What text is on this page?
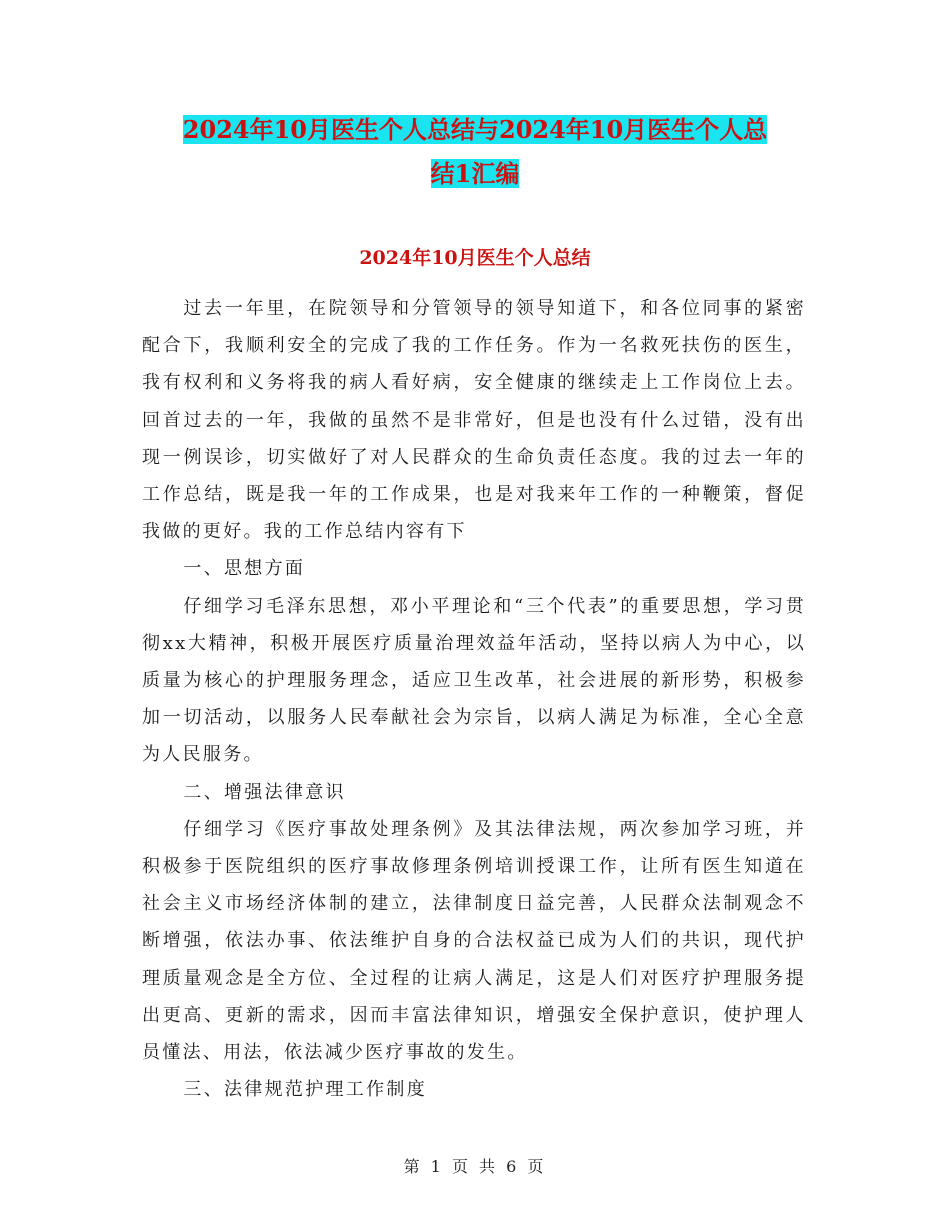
2024年10月医生个人总结与2024年10月医生个人总
结1汇编
2024年10月医生个人总结

过去一年里，在院领导和分管领导的领导知道下，和各位同事的紧密配合下，我顺利安全的完成了我的工作任务。作为一名救死扶伤的医生，我有权利和义务将我的病人看好病，安全健康的继续走上工作岗位上去。回首过去的一年，我做的虽然不是非常好，但是也没有什么过错，没有出现一例误诊，切实做好了对人民群众的生命负责任态度。我的过去一年的工作总结，既是我一年的工作成果，也是对我来年工作的一种鞭策，督促我做的更好。我的工作总结内容有下

一、思想方面

仔细学习毛泽东思想，邓小平理论和“三个代表”的重要思想，学习贯彻xx大精神，积极开展医疗质量治理效益年活动，坚持以病人为中心，以质量为核心的护理服务理念，适应卫生改革，社会进展的新形势，积极参加一切活动，以服务人民奉献社会为宗旨，以病人满足为标准，全心全意为人民服务。

二、增强法律意识

仔细学习《医疗事故处理条例》及其法律法规，两次参加学习班，并积极参于医院组织的医疗事故修理条例培训授课工作，让所有医生知道在社会主义市场经济体制的建立，法律制度日益完善，人民群众法制观念不断增强，依法办事、依法维护自身的合法权益已成为人们的共识，现代护理质量观念是全方位、全过程的让病人满足，这是人们对医疗护理服务提出更高、更新的需求，因而丰富法律知识，增强安全保护意识，使护理人员懂法、用法，依法减少医疗事故的发生。

三、法律规范护理工作制度

第 1 页 共 6 页
